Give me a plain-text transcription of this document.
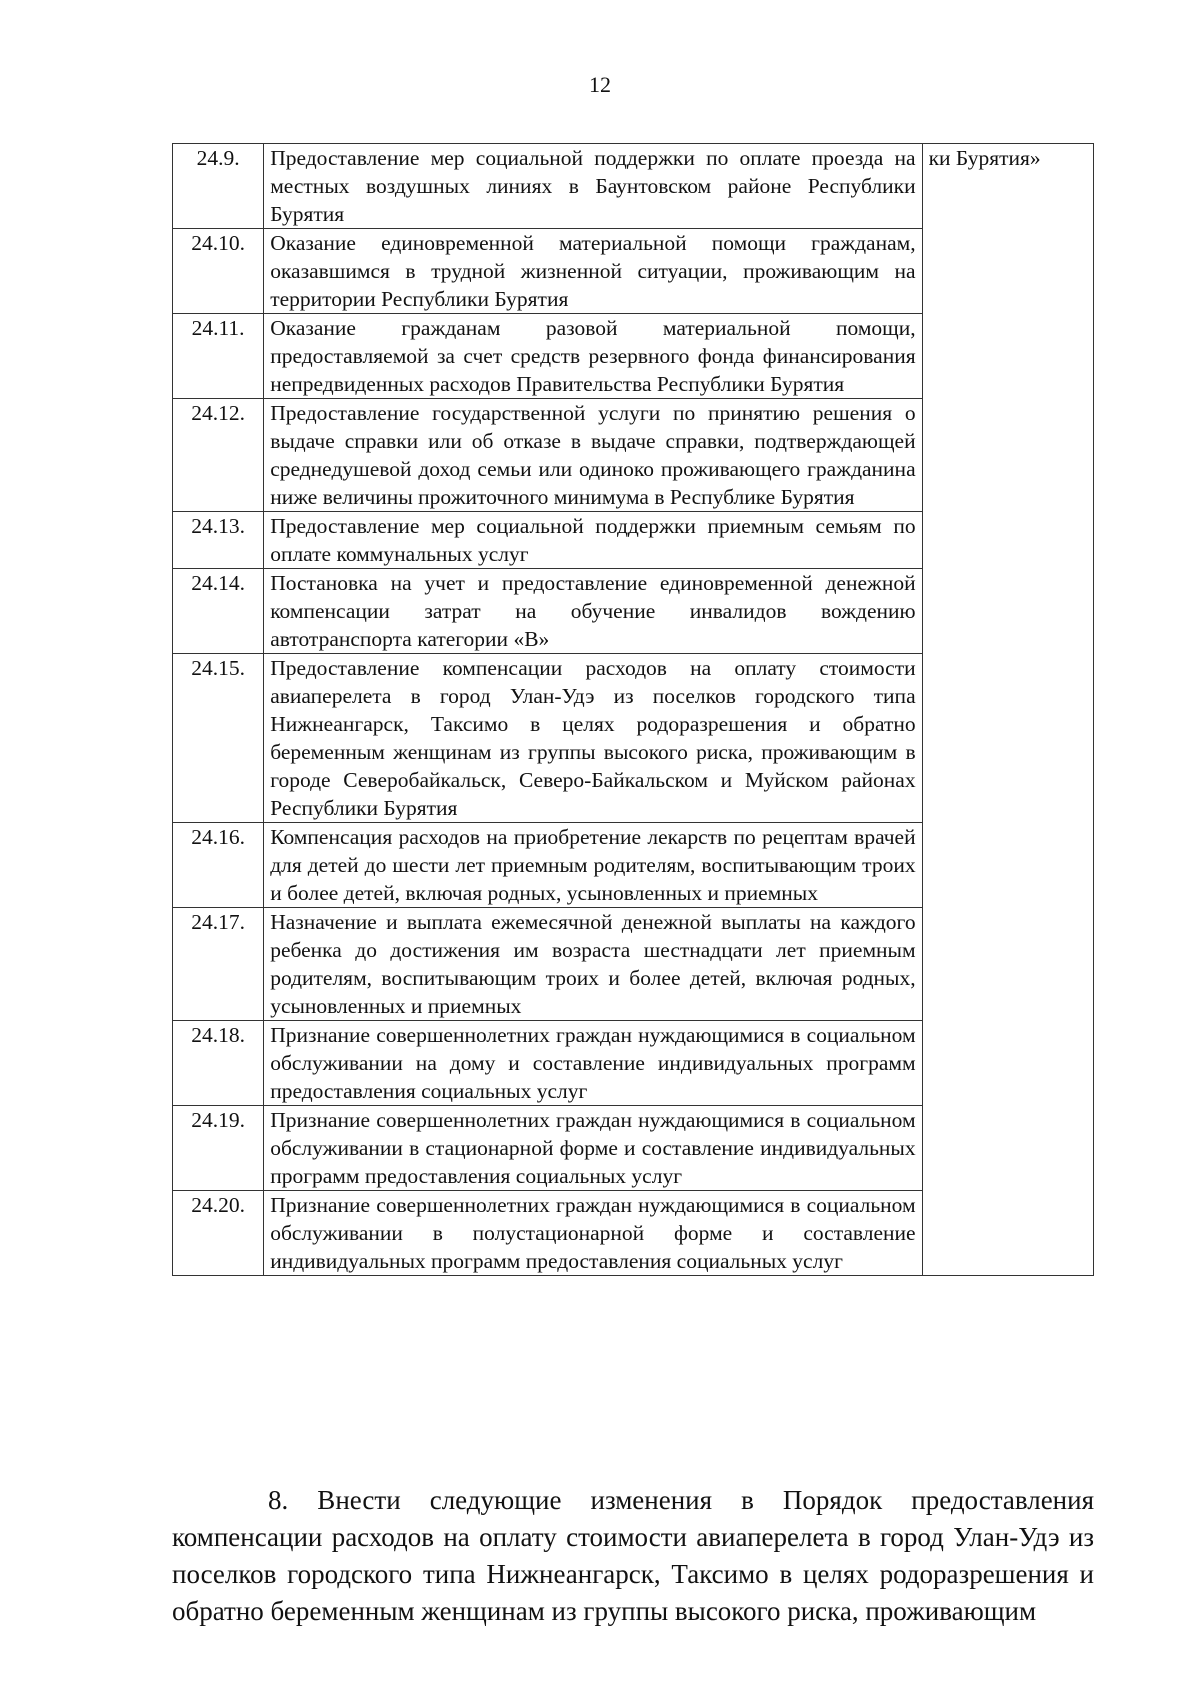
12
24.9.	Предоставление мер социальной поддержки по оплате проезда на местных воздушных линиях в Баунтовском районе Республики Бурятия	ки Бурятия»
24.10.	Оказание единовременной материальной помощи гражданам, оказавшимся в трудной жизненной ситуации, проживающим на территории Республики Бурятия	
24.11.	Оказание гражданам разовой материальной помощи, предоставляемой за счет средств резервного фонда финансирования непредвиденных расходов Правительства Республики Бурятия	
24.12.	Предоставление государственной услуги по принятию решения о выдаче справки или об отказе в выдаче справки, подтверждающей среднедушевой доход семьи или одиноко проживающего гражданина ниже величины прожиточного минимума в Республике Бурятия	
24.13.	Предоставление мер социальной поддержки приемным семьям по оплате коммунальных услуг	
24.14.	Постановка на учет и предоставление единовременной денежной компенсации затрат на обучение инвалидов вождению автотранспорта категории «В»	
24.15.	Предоставление компенсации расходов на оплату стоимости авиаперелета в город Улан-Удэ из поселков городского типа Нижнеангарск, Таксимо в целях родоразрешения и обратно беременным женщинам из группы высокого риска, проживающим в городе Северобайкальск, Северо-Байкальском и Муйском районах Республики Бурятия	
24.16.	Компенсация расходов на приобретение лекарств по рецептам врачей для детей до шести лет приемным родителям, воспитывающим троих и более детей, включая родных, усыновленных и приемных	
24.17.	Назначение и выплата ежемесячной денежной выплаты на каждого ребенка до достижения им возраста шестнадцати лет приемным родителям, воспитывающим троих и более детей, включая родных, усыновленных и приемных	
24.18.	Признание совершеннолетних граждан нуждающимися в социальном обслуживании на дому и составление индивидуальных программ предоставления социальных услуг	
24.19.	Признание совершеннолетних граждан нуждающимися в социальном обслуживании в стационарной форме и составление индивидуальных программ предоставления социальных услуг	
24.20.	Признание совершеннолетних граждан нуждающимися в социальном обслуживании в полустационарной форме и составление индивидуальных программ предоставления социальных услуг	

8. Внести следующие изменения в Порядок предоставления компенсации расходов на оплату стоимости авиаперелета в город Улан-Удэ из поселков городского типа Нижнеангарск, Таксимо в целях родоразрешения и обратно беременным женщинам из группы высокого риска, проживающим
